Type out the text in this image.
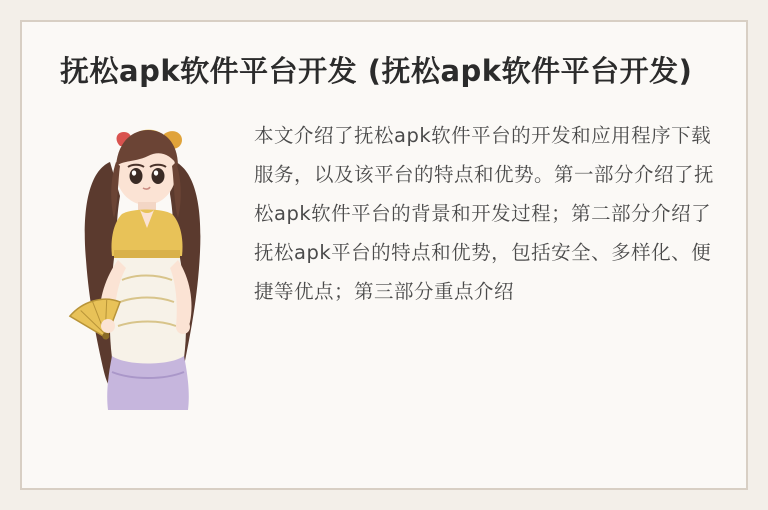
抚松apk软件平台开发 (抚松apk软件平台开发)
本文介绍了抚松apk软件平台的开发和应用程序下载服务，以及该平台的特点和优势。第一部分介绍了抚松apk软件平台的背景和开发过程；第二部分介绍了抚松apk平台的特点和优势，包括安全、多样化、便捷等优点；第三部分重点介绍
